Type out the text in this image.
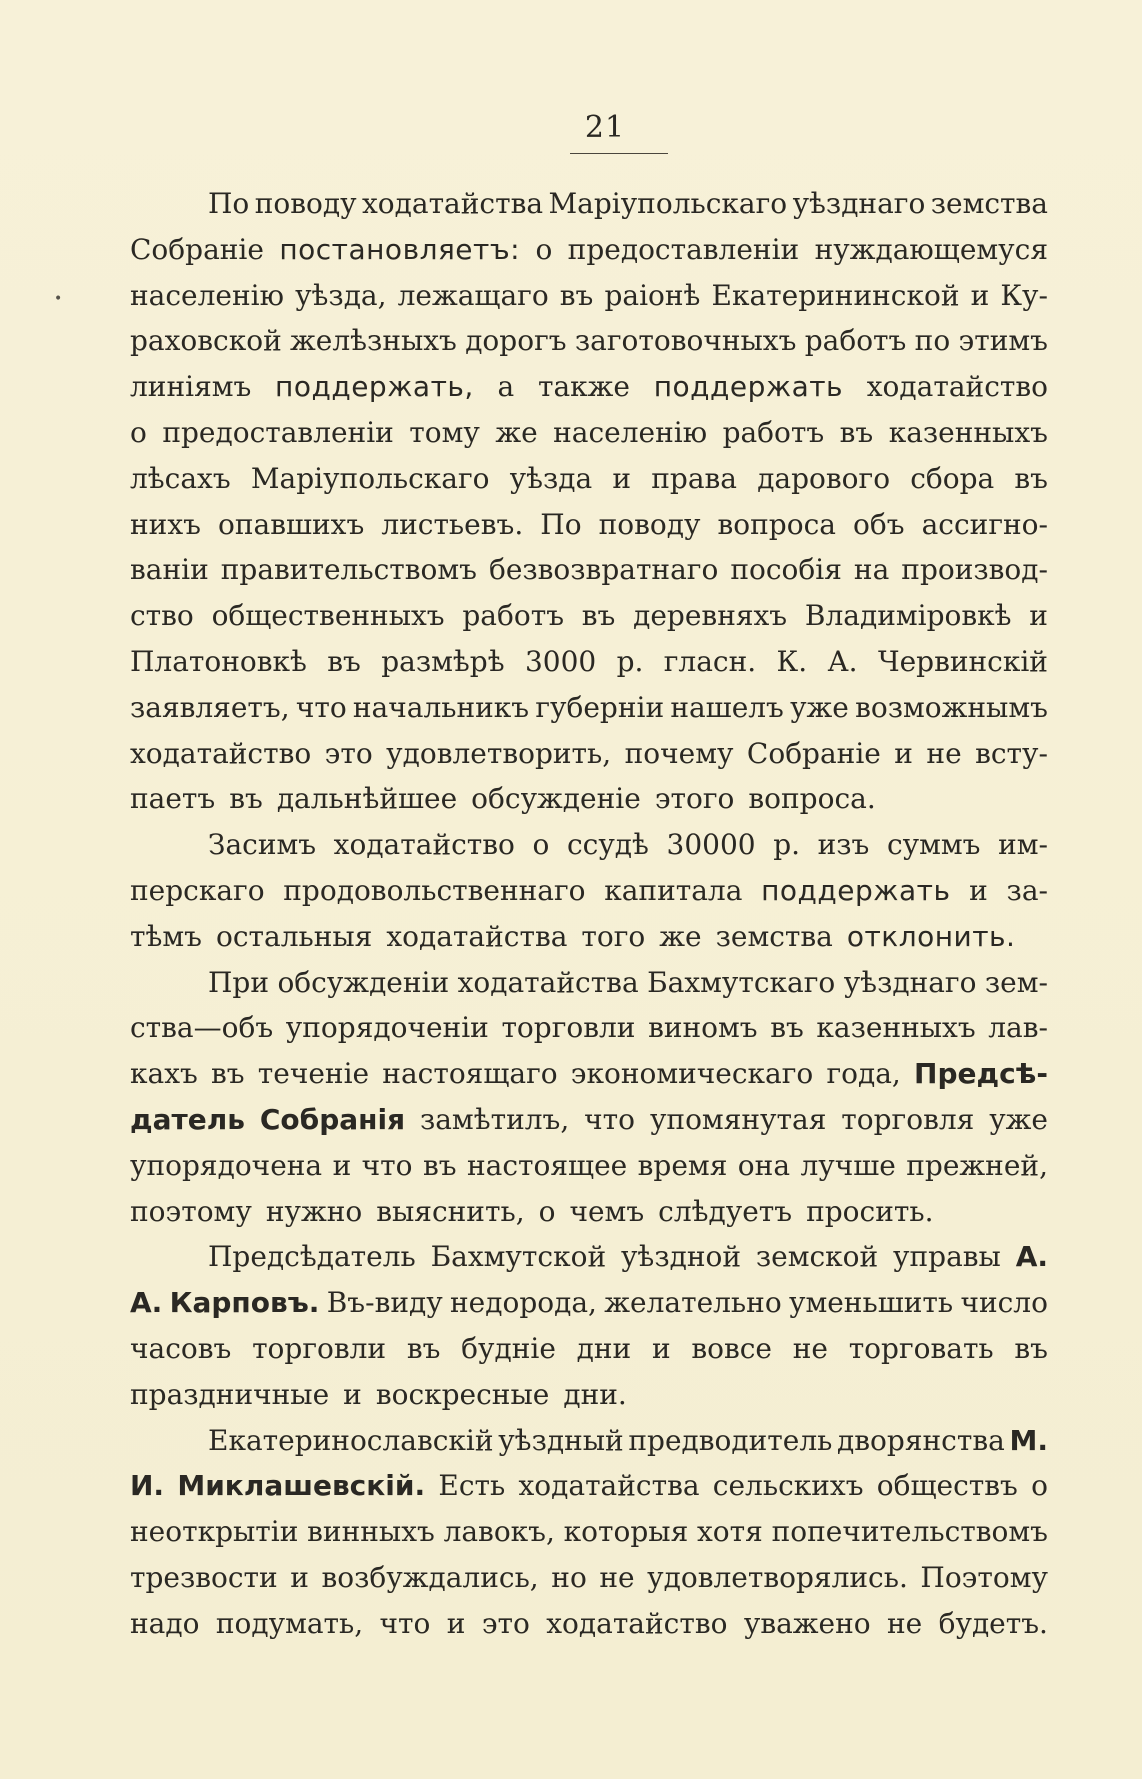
21
•
По поводу ходатайства Маріупольскаго уѣзднаго земства
Собраніе постановляетъ: о предоставленіи нуждающемуся
населенію уѣзда, лежащаго въ раіонѣ Екатерининской и Ку-
раховской желѣзныхъ дорогъ заготовочныхъ работъ по этимъ
линіямъ поддержать, а также поддержать ходатайство
о предоставленіи тому же населенію работъ въ казенныхъ
лѣсахъ Маріупольскаго уѣзда и права даровогo сбора въ
нихъ опавшихъ листьевъ. По поводу вопроса объ ассигно-
ваніи правительствомъ безвозвратнаго пособія на производ-
ство общественныхъ работъ въ деревняхъ Владиміровкѣ и
Платоновкѣ въ размѣрѣ 3000 р. гласн. К. А. Червинскій
заявляетъ, что начальникъ губерніи нашелъ уже возможнымъ
ходатайство это удовлетворить, почему Собраніе и не всту-
паетъ въ дальнѣйшее обсужденіе этого вопроса.
Засимъ ходатайство о ссудѣ 30000 р. изъ суммъ им-
перскаго продовольственнаго капитала поддержать и за-
тѣмъ остальныя ходатайства того же земства отклонить.
При обсужденіи ходатайства Бахмутскаго уѣзднаго зем-
ства—объ упорядоченіи торговли виномъ въ казенныхъ лав-
кахъ въ теченіе настоящаго экономическаго года, Предсѣ-
датель Собранія замѣтилъ, что упомянутая торговля уже
упорядочена и что въ настоящее время она лучше прежней,
поэтому нужно выяснить, о чемъ слѣдуетъ просить.
Предсѣдатель Бахмутской уѣздной земской управы А.
А. Карповъ. Въ-виду недорода, желательно уменьшить число
часовъ торговли въ будніе дни и вовсе не торговать въ
праздничные и воскресные дни.
Екатеринославскій уѣздный предводитель дворянства М.
И. Миклашевскій. Есть ходатайства сельскихъ обществъ о
неоткрытіи винныхъ лавокъ, которыя хотя попечительствомъ
трезвости и возбуждались, но не удовлетворялись. Поэтому
надо подумать, что и это ходатайство уважено не будетъ.
